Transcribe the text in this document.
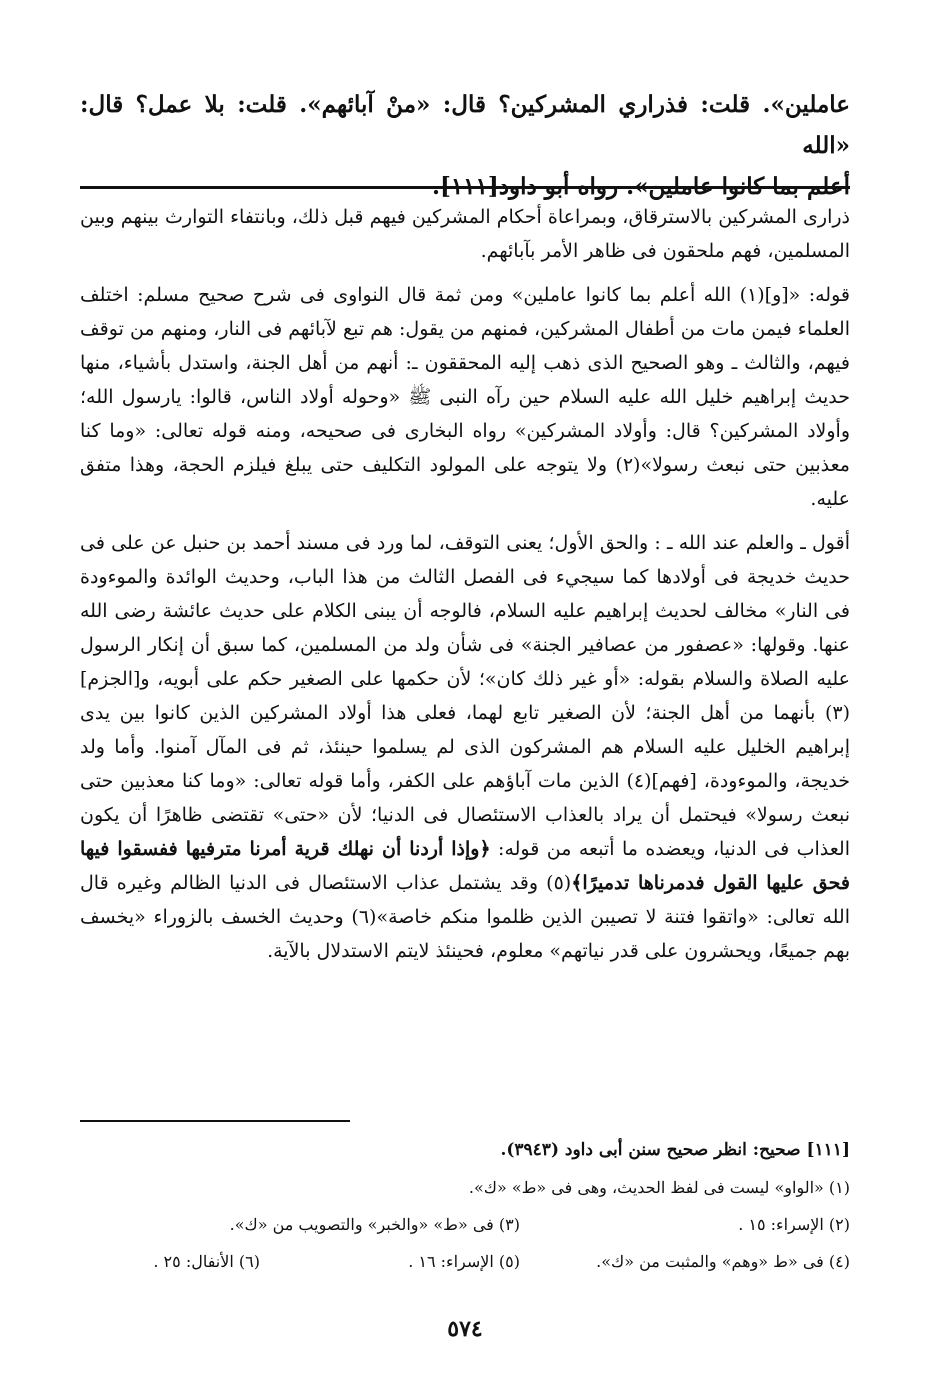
عاملين». قلت: فذراري المشركين؟ قال: «منْ آبائهم». قلت: بلا عمل؟ قال: «الله
أعلم بما كانوا عاملين». رواه أبو داود[١١١].

ذرارى المشركين بالاسترقاق، وبمراعاة أحكام المشركين فيهم قبل ذلك، وبانتفاء التوارث بينهم وبين المسلمين، فهم ملحقون فى ظاهر الأمر بآبائهم.

قوله: «[و](١) الله أعلم بما كانوا عاملين» ومن ثمة قال النواوى فى شرح صحيح مسلم: اختلف العلماء فيمن مات من أطفال المشركين، فمنهم من يقول: هم تبع لآبائهم فى النار، ومنهم من توقف فيهم، والثالث ـ وهو الصحيح الذى ذهب إليه المحققون ـ: أنهم من أهل الجنة، واستدل بأشياء، منها حديث إبراهيم خليل الله عليه السلام حين رآه النبى ﷺ «وحوله أولاد الناس، قالوا: يارسول الله؛ وأولاد المشركين؟ قال: وأولاد المشركين» رواه البخارى فى صحيحه، ومنه قوله تعالى: «وما كنا معذبين حتى نبعث رسولا»(٢) ولا يتوجه على المولود التكليف حتى يبلغ فيلزم الحجة، وهذا متفق عليه.

أقول ـ والعلم عند الله ـ : والحق الأول؛ يعنى التوقف، لما ورد فى مسند أحمد بن حنبل عن على فى حديث خديجة فى أولادها كما سيجيء فى الفصل الثالث من هذا الباب، وحديث الوائدة والموءودة فى النار» مخالف لحديث إبراهيم عليه السلام، فالوجه أن يبنى الكلام على حديث عائشة رضى الله عنها. وقولها: «عصفور من عصافير الجنة» فى شأن ولد من المسلمين، كما سبق أن إنكار الرسول عليه الصلاة والسلام بقوله: «أو غير ذلك كان»؛ لأن حكمها على الصغير حكم على أبويه، و[الجزم](٣) بأنهما من أهل الجنة؛ لأن الصغير تابع لهما، فعلى هذا أولاد المشركين الذين كانوا بين يدى إبراهيم الخليل عليه السلام هم المشركون الذى لم يسلموا حينئذ، ثم فى المآل آمنوا. وأما ولد خديجة، والموءودة، [فهم](٤) الذين مات آباؤهم على الكفر، وأما قوله تعالى: «وما كنا معذبين حتى نبعث رسولا» فيحتمل أن يراد بالعذاب الاستئصال فى الدنيا؛ لأن «حتى» تقتضى ظاهرًا أن يكون العذاب فى الدنيا، ويعضده ما أتبعه من قوله: ﴿وإذا أردنا أن نهلك قرية أمرنا مترفيها ففسقوا فيها فحق عليها القول فدمرناها تدميرًا﴾(٥) وقد يشتمل عذاب الاستئصال فى الدنيا الظالم وغيره قال الله تعالى: «واتقوا فتنة لا تصيبن الذين ظلموا منكم خاصة»(٦) وحديث الخسف بالزوراء «يخسف بهم جميعًا، ويحشرون على قدر نياتهم» معلوم، فحينئذ لايتم الاستدلال بالآية.

[١١١] صحيح: انظر صحيح سنن أبى داود (٣٩٤٣).
(١) «الواو» ليست فى لفظ الحديث، وهى فى «ط» «ك».
(٢) الإسراء: ١٥ .
(٣) فى «ط» «والخبر» والتصويب من «ك».
(٤) فى «ط «وهم» والمثبت من «ك».
(٥) الإسراء: ١٦ .
(٦) الأنفال: ٢٥ .
٥٧٤
